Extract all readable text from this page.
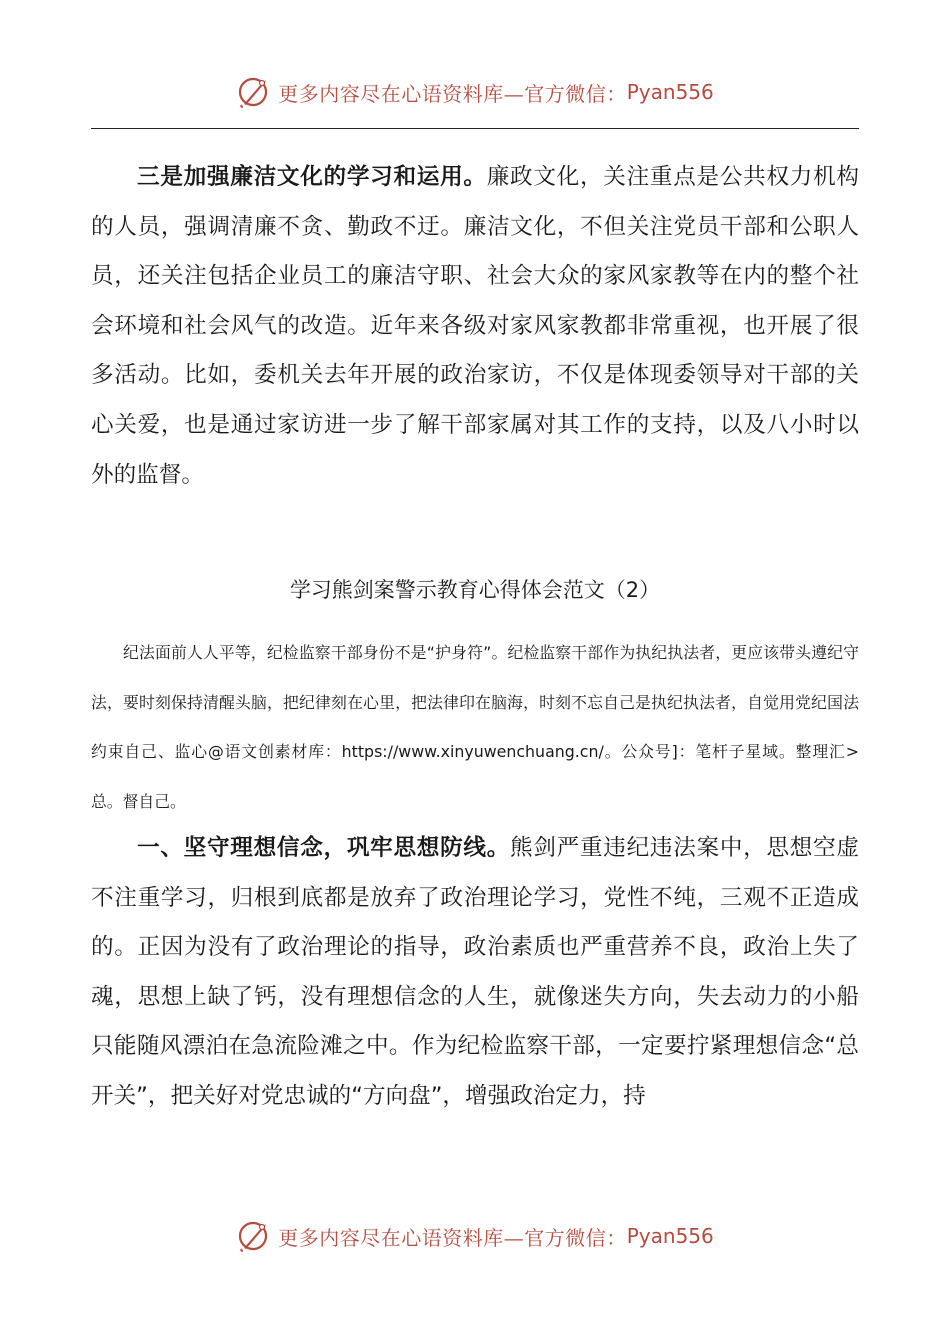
更多内容尽在心语资料库—官方微信： Pyan556

三是加强廉洁文化的学习和运用。廉政文化，关注重点是公共权力机构的人员，强调清廉不贪、勤政不迂。廉洁文化，不但关注党员干部和公职人员，还关注包括企业员工的廉洁守职、社会大众的家风家教等在内的整个社会环境和社会风气的改造。近年来各级对家风家教都非常重视，也开展了很多活动。比如，委机关去年开展的政治家访，不仅是体现委领导对干部的关心关爱，也是通过家访进一步了解干部家属对其工作的支持，以及八小时以外的监督。

学习熊剑案警示教育心得体会范文（2）

纪法面前人人平等，纪检监察干部身份不是“护身符”。纪检监察干部作为执纪执法者，更应该带头遵纪守法，要时刻保持清醒头脑，把纪律刻在心里，把法律印在脑海，时刻不忘自己是执纪执法者，自觉用党纪国法约束自己、监心@语文创素材库：https://www.xinyuwenchuang.cn/。公众号]：笔杆子星域。整理汇>总。督自己。

一、坚守理想信念，巩牢思想防线。熊剑严重违纪违法案中，思想空虚不注重学习，归根到底都是放弃了政治理论学习，党性不纯，三观不正造成的。正因为没有了政治理论的指导，政治素质也严重营养不良，政治上失了魂，思想上缺了钙，没有理想信念的人生，就像迷失方向，失去动力的小船只能随风漂泊在急流险滩之中。作为纪检监察干部，一定要拧紧理想信念“总开关”，把关好对党忠诚的“方向盘”，增强政治定力，持

更多内容尽在心语资料库—官方微信： Pyan556
